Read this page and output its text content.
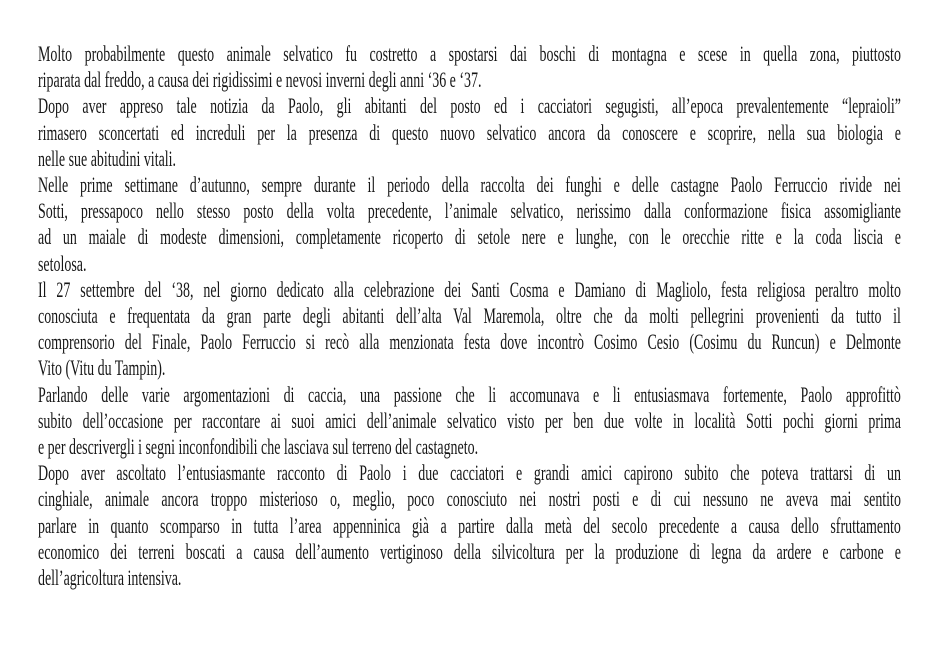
Molto probabilmente questo animale selvatico fu costretto a spostarsi dai boschi di montagna e scese in quella zona, piuttosto
riparata dal freddo, a causa dei rigidissimi e nevosi inverni degli anni ‘36 e ‘37.
Dopo aver appreso tale notizia da Paolo, gli abitanti del posto ed i cacciatori segugisti, all’epoca prevalentemente “lepraioli”
rimasero sconcertati ed increduli per la presenza di questo nuovo selvatico ancora da conoscere e scoprire, nella sua biologia e
nelle sue abitudini vitali.
Nelle prime settimane d’autunno, sempre durante il periodo della raccolta dei funghi e delle castagne Paolo Ferruccio rivide nei
Sotti, pressapoco nello stesso posto della volta precedente, l’animale selvatico, nerissimo dalla conformazione fisica assomigliante
ad un maiale di modeste dimensioni, completamente ricoperto di setole nere e lunghe, con le orecchie ritte e la coda liscia e
setolosa.
Il 27 settembre del ‘38, nel giorno dedicato alla celebrazione dei Santi Cosma e Damiano di Magliolo, festa religiosa peraltro molto
conosciuta e frequentata da gran parte degli abitanti dell’alta Val Maremola, oltre che da molti pellegrini provenienti da tutto il
comprensorio del Finale, Paolo Ferruccio si recò alla menzionata festa dove incontrò Cosimo Cesio (Cosimu du Runcun) e Delmonte
Vito (Vitu du Tampin).
Parlando delle varie argomentazioni di caccia, una passione che li accomunava e li entusiasmava fortemente, Paolo approfittò
subito dell’occasione per raccontare ai suoi amici dell’animale selvatico visto per ben due volte in località Sotti pochi giorni prima
e per descrivergli i segni inconfondibili che lasciava sul terreno del castagneto.
Dopo aver ascoltato l’entusiasmante racconto di Paolo i due cacciatori e grandi amici capirono subito che poteva trattarsi di un
cinghiale, animale ancora troppo misterioso o, meglio, poco conosciuto nei nostri posti e di cui nessuno ne aveva mai sentito
parlare in quanto scomparso in tutta l’area appenninica già a partire dalla metà del secolo precedente a causa dello sfruttamento
economico dei terreni boscati a causa dell’aumento vertiginoso della silvicoltura per la produzione di legna da ardere e carbone e
dell’agricoltura intensiva.
